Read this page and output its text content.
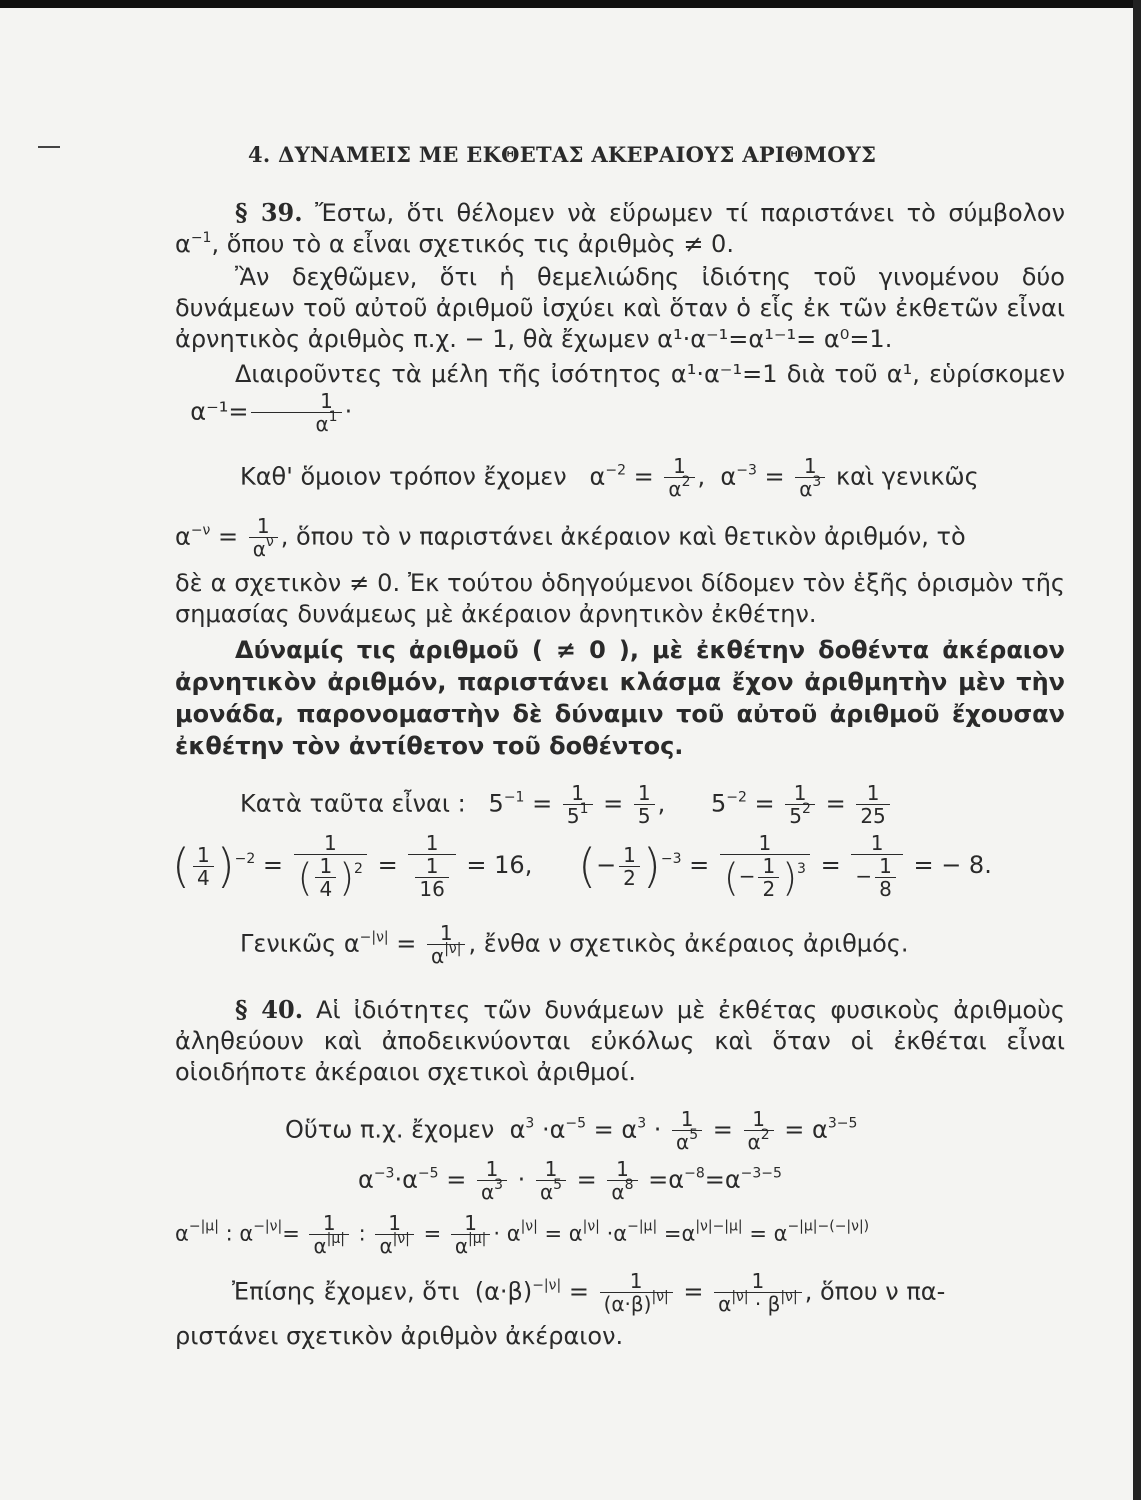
4. ΔΥΝΑΜΕΙΣ ΜΕ ΕΚΘΕΤΑΣ ΑΚΕΡΑΙΟΥΣ ΑΡΙΘΜΟΥΣ
§ 39. Ἔστω, ὅτι θέλομεν νὰ εὕρωμεν τί παριστάνει τὸ σύμβολον $\alpha^{-1}$, ὅπου τὸ α εἶναι σχετικός τις ἀριθμὸς ≠ 0.
Ἂν δεχθῶμεν, ὅτι ἡ θεμελιώδης ἰδιότης τοῦ γινομένου δύο δυνάμεων τοῦ αὐτοῦ ἀριθμοῦ ἰσχύει καὶ ὅταν ὁ εἷς ἐκ τῶν ἐκθετῶν εἶναι ἀρνητικὸς ἀριθμὸς π.χ. − 1, θὰ ἔχωμεν α¹·α⁻¹=α¹⁻¹= α⁰=1.
Διαιροῦντες τὰ μέλη τῆς ἰσότητος α¹·α⁻¹=1 διὰ τοῦ α¹, εὑρίσκομεν   $\alpha^{-1}= \frac{1}{\alpha^1}$ ·
Καθ' ὅμοιον τρόπον ἔχομεν   $\alpha^{-2} = \frac{1}{\alpha^2}$ ,  $\alpha^{-3} = \frac{1}{\alpha^3}$ καὶ γενικῶς
$\alpha^{-\nu} = \frac{1}{\alpha^\nu}$ , ὅπου τὸ ν παριστάνει ἀκέραιον καὶ θετικὸν ἀριθμόν, τὸ
δὲ α σχετικὸν ≠ 0. Ἐκ τούτου ὁδηγούμενοι δίδομεν τὸν ἑξῆς ὁρισμὸν τῆς σημασίας δυνάμεως μὲ ἀκέραιον ἀρνητικὸν ἐκθέτην.
Δύναμίς τις ἀριθμοῦ ( ≠ 0 ), μὲ ἐκθέτην δοθέντα ἀκέραιον ἀρνητικὸν ἀριθμόν, παριστάνει κλάσμα ἔχον ἀριθμητὴν μὲν τὴν μονάδα, παρονομαστὴν δὲ δύναμιν τοῦ αὐτοῦ ἀριθμοῦ ἔχουσαν ἐκθέτην τὸν ἀντίθετον τοῦ δοθέντος.
Κατὰ ταῦτα εἶναι :   $5^{-1} = \frac{1}{5^1} = \frac{1}{5}$ ,      $5^{-2} = \frac{1}{5^2} = \frac{1}{25}$
( $\frac{1}{4} )^{-2} = \frac{1}{( \frac{1}{4} )^2} = \frac{1}{\frac{1}{16}} = 16$,      (− $\frac{1}{2} )^{-3} = \frac{1}{(- \frac{1}{2} )^3} = \frac{1}{- \frac{1}{8}}$ = − 8.
Γενικῶς $\alpha^{-|\nu|} = \frac{1}{\alpha^{|\nu|}}$ , ἔνθα ν σχετικὸς ἀκέραιος ἀριθμός.
§ 40. Αἱ ἰδιότητες τῶν δυνάμεων μὲ ἐκθέτας φυσικοὺς ἀριθμοὺς ἀληθεύουν καὶ ἀποδεικνύονται εὐκόλως καὶ ὅταν οἱ ἐκθέται εἶναι οἱοιδήποτε ἀκέραιοι σχετικοὶ ἀριθμοί.
Οὕτω π.χ. ἔχομεν  $\alpha^3 \cdot\alpha^{-5} = \alpha^3 \cdot \frac{1}{\alpha^5} = \frac{1}{\alpha^2} = \alpha^{3-5}$
$\alpha^{-3}\cdot\alpha^{-5} = \frac{1}{\alpha^3} \cdot \frac{1}{\alpha^5} = \frac{1}{\alpha^8} =\alpha^{-8}=\alpha^{-3-5}$
$\alpha^{-|\mu|}$ : $\alpha^{-|\nu|}= \frac{1}{\alpha^{|\mu|}}$ : $\frac{1}{\alpha^{|\nu|}} = \frac{1}{\alpha^{|\mu|}} \cdot \alpha^{|\nu|} = \alpha^{|\nu|} \cdot\alpha^{-|\mu|} =\alpha^{|\nu|-|\mu|} = \alpha^{-|\mu|-(-|\nu|)}$
Ἐπίσης ἔχομεν, ὅτι  $(\alpha\cdot\beta)^{-|\nu|} = \frac{1}{(\alpha\cdot\beta)^{|\nu|}} = \frac{1}{\alpha^{|\nu|} \cdot \beta^{|\nu|}}$ , ὅπου ν πα-
ριστάνει σχετικὸν ἀριθμὸν ἀκέραιον.
